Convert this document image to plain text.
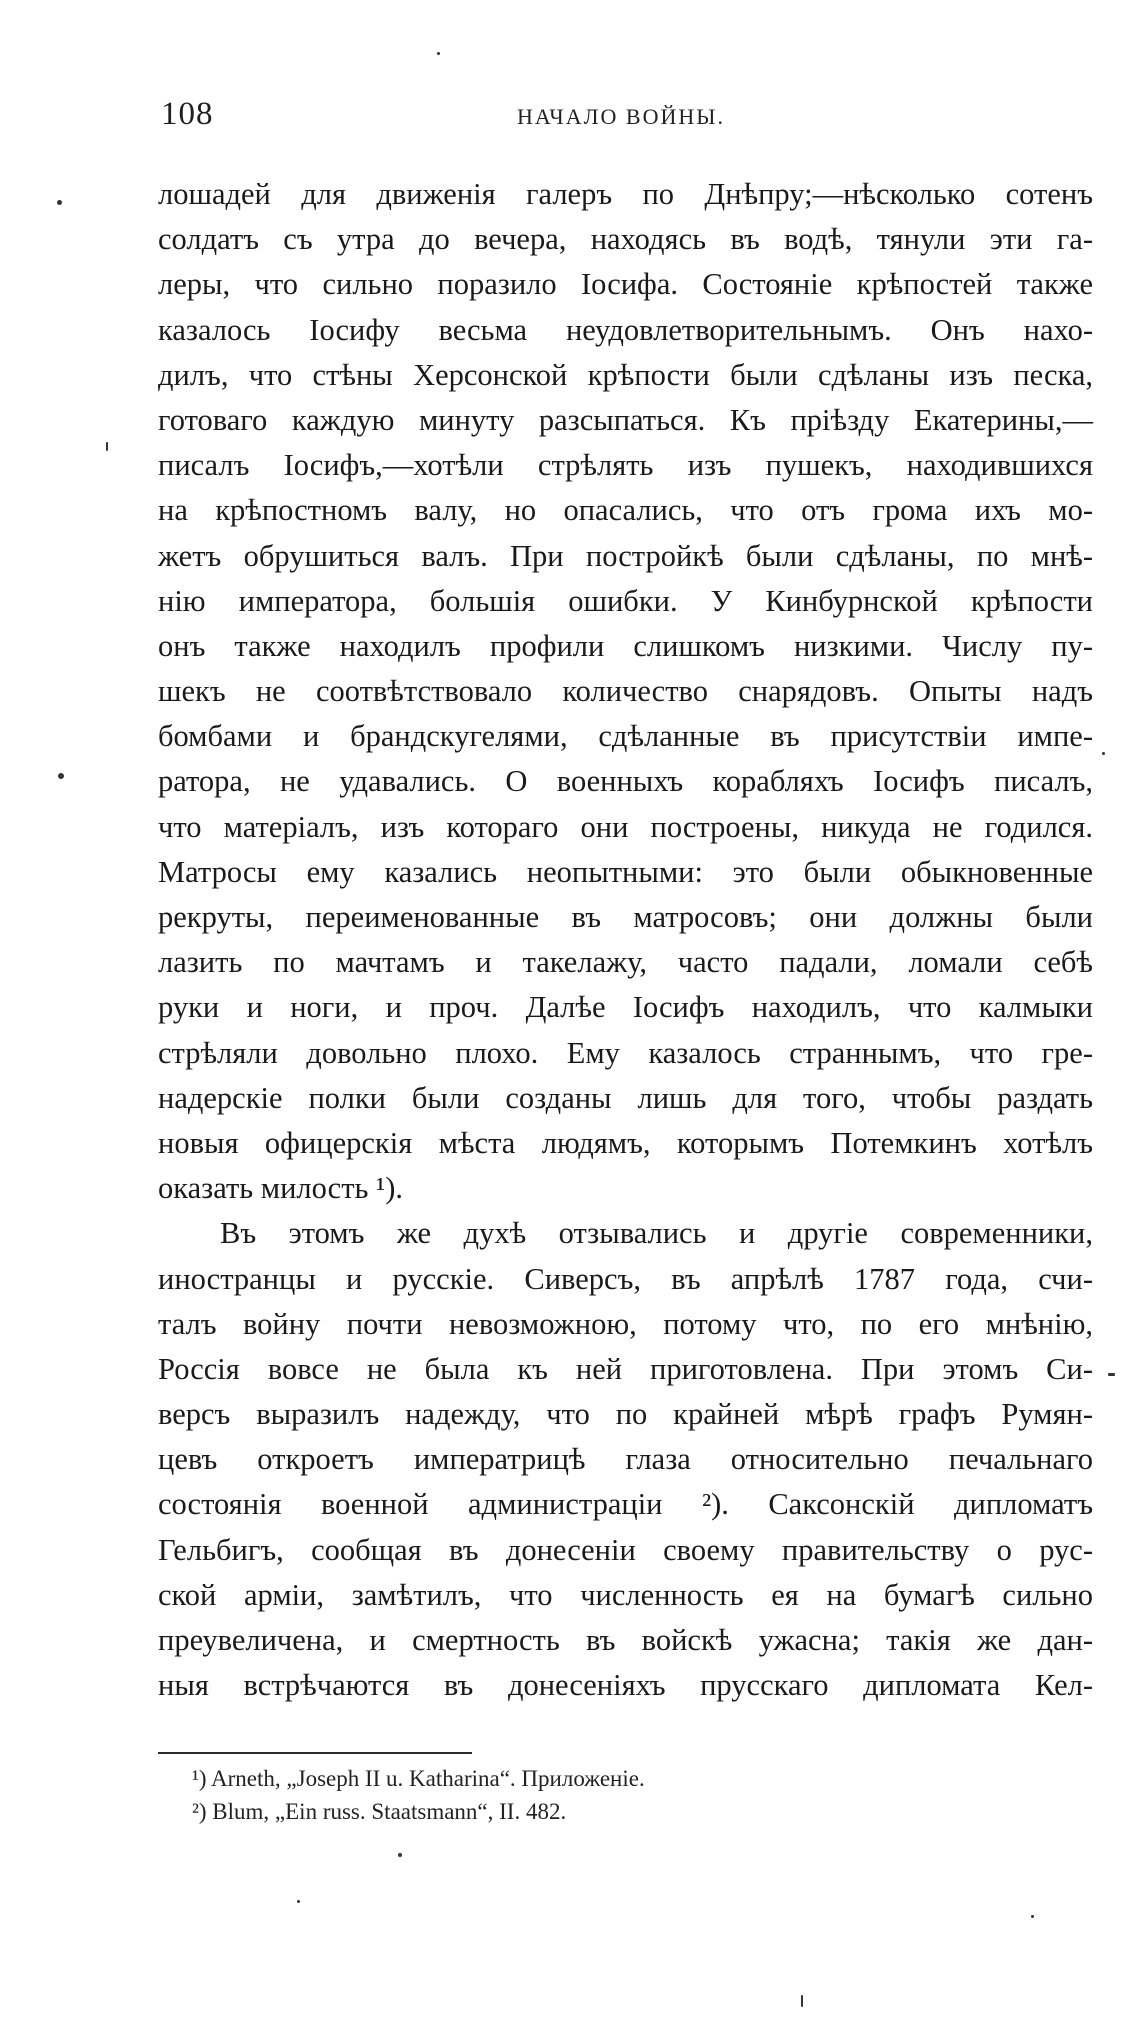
108	НАЧАЛО ВОЙНЫ.
лошадей для движенія галеръ по Днѣпру;—нѣсколько сотенъ
солдатъ съ утра до вечера, находясь въ водѣ, тянули эти га-
леры, что сильно поразило Іосифа. Состояніе крѣпостей также
казалось Іосифу весьма неудовлетворительнымъ. Онъ нахо-
дилъ, что стѣны Херсонской крѣпости были сдѣланы изъ песка,
готоваго каждую минуту разсыпаться. Къ пріѣзду Екатерины,—
писалъ Іосифъ,—хотѣли стрѣлять изъ пушекъ, находившихся
на крѣпостномъ валу, но опасались, что отъ грома ихъ мо-
жетъ обрушиться валъ. При постройкѣ были сдѣланы, по мнѣ-
нію императора, большія ошибки. У Кинбурнской крѣпости
онъ также находилъ профили слишкомъ низкими. Числу пу-
шекъ не соотвѣтствовало количество снарядовъ. Опыты надъ
бомбами и брандскугелями, сдѣланные въ присутствіи импе-
ратора, не удавались. О военныхъ корабляхъ Іосифъ писалъ,
что матеріалъ, изъ котораго они построены, никуда не годился.
Матросы ему казались неопытными: это были обыкновенные
рекруты, переименованные въ матросовъ; они должны были
лазить по мачтамъ и такелажу, часто падали, ломали себѣ
руки и ноги, и проч. Далѣе Іосифъ находилъ, что калмыки
стрѣляли довольно плохо. Ему казалось страннымъ, что гре-
надерскіе полки были созданы лишь для того, чтобы раздать
новыя офицерскія мѣста людямъ, которымъ Потемкинъ хотѣлъ
оказать милость ¹).
Въ этомъ же духѣ отзывались и другіе современники,
иностранцы и русскіе. Сиверсъ, въ апрѣлѣ 1787 года, счи-
талъ войну почти невозможною, потому что, по его мнѣнію,
Россія вовсе не была къ ней приготовлена. При этомъ Си-
версъ выразилъ надежду, что по крайней мѣрѣ графъ Румян-
цевъ откроетъ императрицѣ глаза относительно печальнаго
состоянія военной администраціи ²). Саксонскій дипломатъ
Гельбигъ, сообщая въ донесеніи своему правительству о рус-
ской арміи, замѣтилъ, что численность ея на бумагѣ сильно
преувеличена, и смертность въ войскѣ ужасна; такія же дан-
ныя встрѣчаются въ донесеніяхъ прусскаго дипломата Кел-
¹) Arneth, „Joseph II u. Katharina“. Приложеніе.
²) Blum, „Ein russ. Staatsmann“, II. 482.
